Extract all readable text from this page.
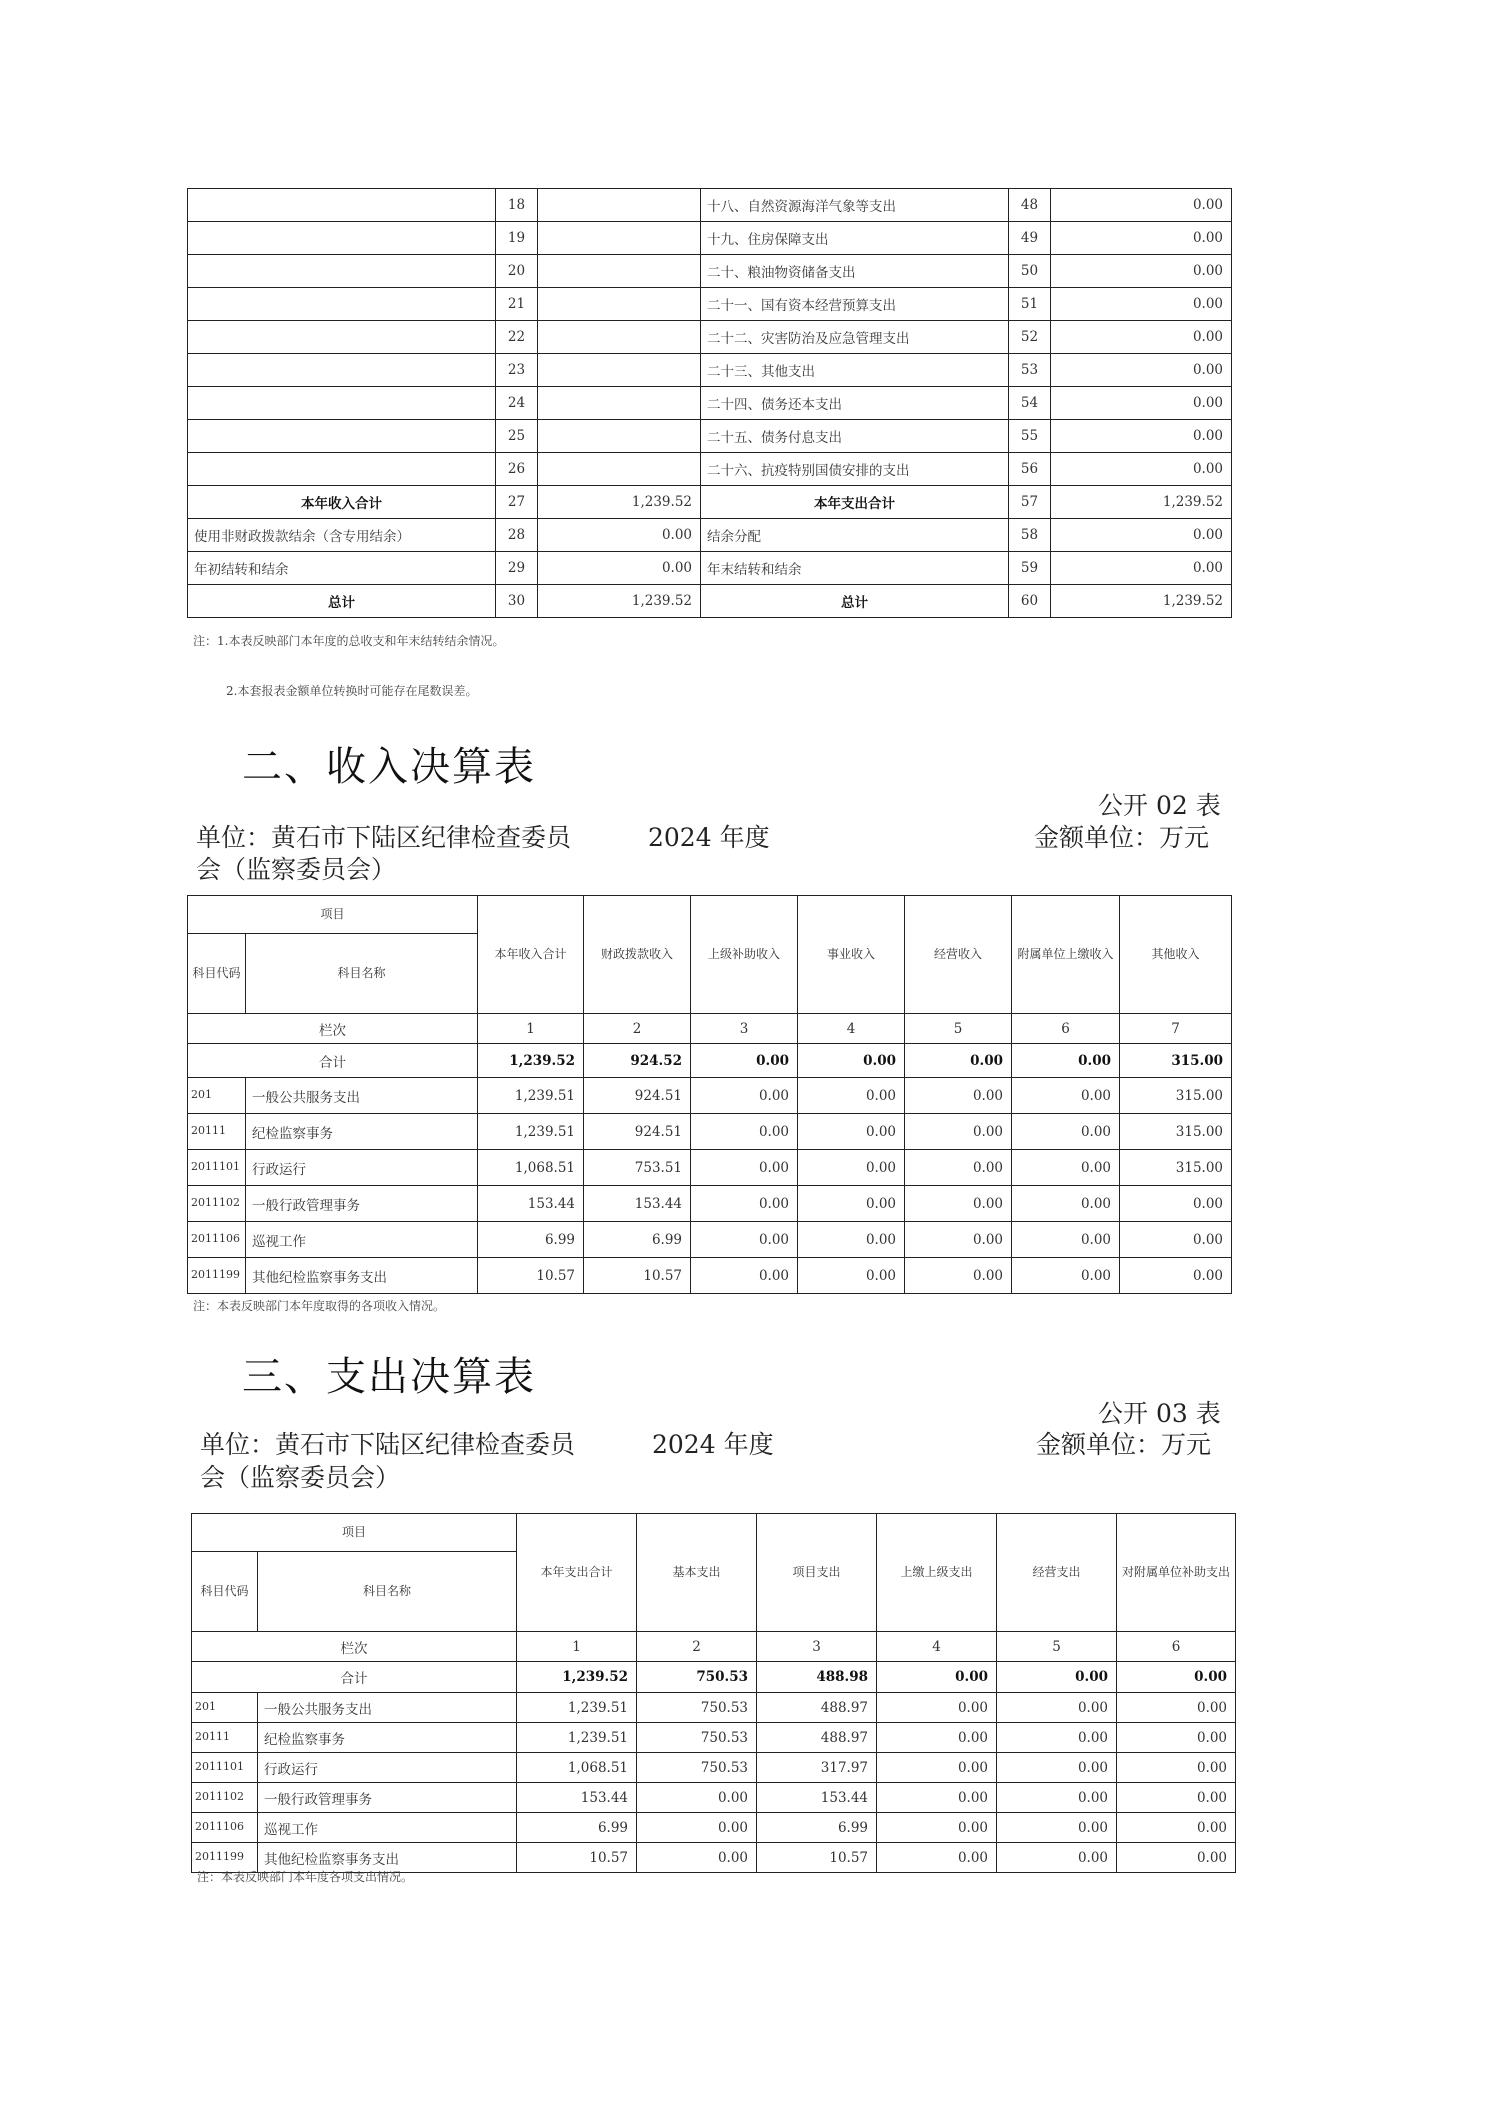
	18		十八、自然资源海洋气象等支出	48	0.00
	19		十九、住房保障支出	49	0.00
	20		二十、粮油物资储备支出	50	0.00
	21		二十一、国有资本经营预算支出	51	0.00
	22		二十二、灾害防治及应急管理支出	52	0.00
	23		二十三、其他支出	53	0.00
	24		二十四、债务还本支出	54	0.00
	25		二十五、债务付息支出	55	0.00
	26		二十六、抗疫特别国债安排的支出	56	0.00
本年收入合计	27	1,239.52	本年支出合计	57	1,239.52
使用非财政拨款结余（含专用结余）	28	0.00	结余分配	58	0.00
年初结转和结余	29	0.00	年末结转和结余	59	0.00
总计	30	1,239.52	总计	60	1,239.52
注：1.本表反映部门本年度的总收支和年末结转结余情况。
2.本套报表金额单位转换时可能存在尾数误差。
二、收入决算表
公开 02 表
单位：黄石市下陆区纪律检查委员	2024 年度	金额单位：万元
会（监察委员会）
项目		本年收入合计	财政拨款收入	上级补助收入	事业收入	经营收入	附属单位上缴收入	其他收入
科目代码	科目名称							
栏次		1	2	3	4	5	6	7
合计		1,239.52	924.52	0.00	0.00	0.00	0.00	315.00
201	一般公共服务支出	1,239.51	924.51	0.00	0.00	0.00	0.00	315.00
20111	纪检监察事务	1,239.51	924.51	0.00	0.00	0.00	0.00	315.00
2011101	行政运行	1,068.51	753.51	0.00	0.00	0.00	0.00	315.00
2011102	一般行政管理事务	153.44	153.44	0.00	0.00	0.00	0.00	0.00
2011106	巡视工作	6.99	6.99	0.00	0.00	0.00	0.00	0.00
2011199	其他纪检监察事务支出	10.57	10.57	0.00	0.00	0.00	0.00	0.00
注：本表反映部门本年度取得的各项收入情况。
三、支出决算表
公开 03 表
单位：黄石市下陆区纪律检查委员	2024 年度	金额单位：万元
会（监察委员会）
项目		本年支出合计	基本支出	项目支出	上缴上级支出	经营支出	对附属单位补助支出
科目代码	科目名称						
栏次		1	2	3	4	5	6
合计		1,239.52	750.53	488.98	0.00	0.00	0.00
201	一般公共服务支出	1,239.51	750.53	488.97	0.00	0.00	0.00
20111	纪检监察事务	1,239.51	750.53	488.97	0.00	0.00	0.00
2011101	行政运行	1,068.51	750.53	317.97	0.00	0.00	0.00
2011102	一般行政管理事务	153.44	0.00	153.44	0.00	0.00	0.00
2011106	巡视工作	6.99	0.00	6.99	0.00	0.00	0.00
2011199	其他纪检监察事务支出	10.57	0.00	10.57	0.00	0.00	0.00
注：本表反映部门本年度各项支出情况。
